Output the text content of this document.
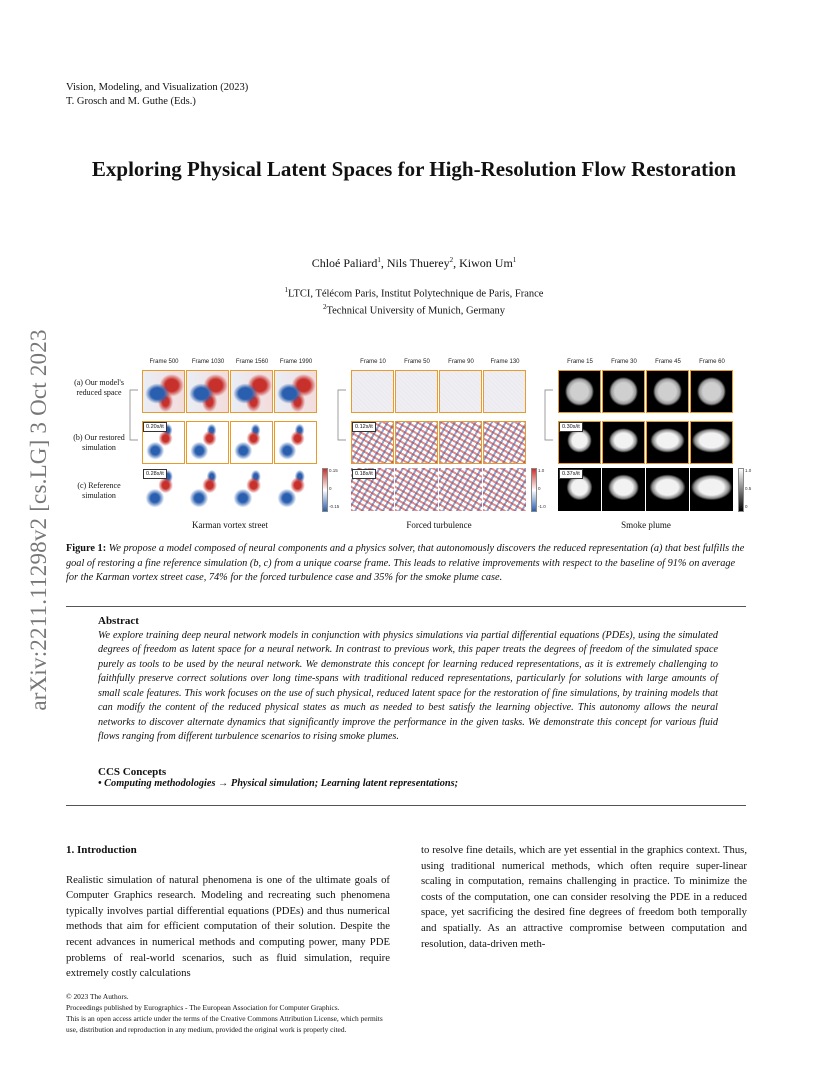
Vision, Modeling, and Visualization (2023)
T. Grosch and M. Guthe (Eds.)
arXiv:2211.11298v2 [cs.LG] 3 Oct 2023
Exploring Physical Latent Spaces for High-Resolution Flow Restoration
Chloé Paliard$^1$, Nils Thuerey$^2$, Kiwon Um$^1$
$^1$LTCI, Télécom Paris, Institut Polytechnique de Paris, France
$^2$Technical University of Munich, Germany
(a) Our model's reduced space
(b) Our restored simulation
(c) Reference simulation
Frame 500	Frame 1030	Frame 1560	Frame 1990
0.20s/it
0.28s/it
0.15
0
-0.15
Karman vortex street
Frame 10	Frame 50	Frame 90	Frame 130
0.12s/it
0.18s/it
1.0
0
-1.0
Forced turbulence
Frame 15	Frame 30	Frame 45	Frame 60
0.30s/it
0.37s/it
1.0
0.5
0
Smoke plume
Figure 1: We propose a model composed of neural components and a physics solver, that autonomously discovers the reduced representation (a) that best fulfills the goal of restoring a fine reference simulation (b, c) from a unique coarse frame. This leads to relative improvements with respect to the baseline of 91% on average for the Karman vortex street case, 74% for the forced turbulence case and 35% for the smoke plume case.
Abstract

We explore training deep neural network models in conjunction with physics simulations via partial differential equations (PDEs), using the simulated degrees of freedom as latent space for a neural network. In contrast to previous work, this paper treats the degrees of freedom of the simulated space purely as tools to be used by the neural network. We demonstrate this concept for learning reduced representations, as it is extremely challenging to faithfully preserve correct solutions over long time-spans with traditional reduced representations, particularly for solutions with large amounts of small scale features. This work focuses on the use of such physical, reduced latent space for the restoration of fine simulations, by training models that can modify the content of the reduced physical states as much as needed to best satisfy the learning objective. This autonomy allows the neural networks to discover alternate dynamics that significantly improve the performance in the given tasks. We demonstrate this concept for various fluid flows ranging from different turbulence scenarios to rising smoke plumes.

CCS Concepts
• Computing methodologies → Physical simulation; Learning latent representations;
1. Introduction

Realistic simulation of natural phenomena is one of the ultimate goals of Computer Graphics research. Modeling and recreating such phenomena typically involves partial differential equations (PDEs) and thus numerical methods that aim for efficient computation of their solution. Despite the recent advances in numerical methods and computing power, many PDE problems of real-world scenarios, such as fluid simulation, require extremely costly calculations

to resolve fine details, which are yet essential in the graphics context. Thus, using traditional numerical methods, which often require super-linear scaling in computation, remains challenging in practice. To minimize the costs of the computation, one can consider resolving the PDE in a reduced space, yet sacrificing the desired fine degrees of freedom both temporally and spatially. As an attractive compromise between computation and resolution, data-driven meth-

© 2023 The Authors.
Proceedings published by Eurographics - The European Association for Computer Graphics.
This is an open access article under the terms of the Creative Commons Attribution License, which permits use, distribution and reproduction in any medium, provided the original work is properly cited.
